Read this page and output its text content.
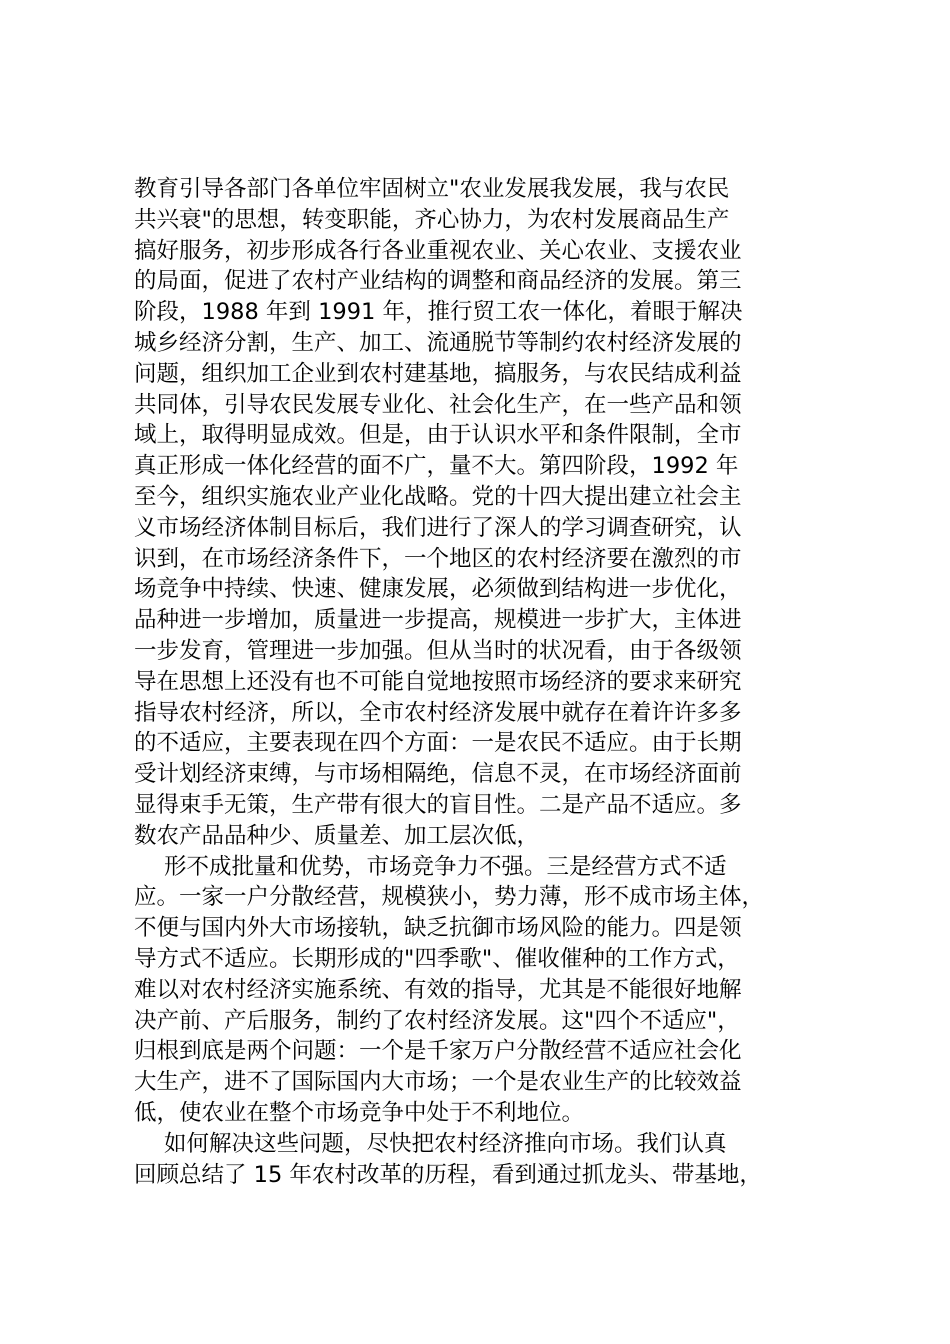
教育引导各部门各单位牢固树立"农业发展我发展，我与农民
共兴衰"的思想，转变职能，齐心协力，为农村发展商品生产
搞好服务，初步形成各行各业重视农业、关心农业、支援农业
的局面，促进了农村产业结构的调整和商品经济的发展。第三
阶段，1988 年到 1991 年，推行贸工农一体化，着眼于解决
城乡经济分割，生产、加工、流通脱节等制约农村经济发展的
问题，组织加工企业到农村建基地，搞服务，与农民结成利益
共同体，引导农民发展专业化、社会化生产，在一些产品和领
域上，取得明显成效。但是，由于认识水平和条件限制，全市
真正形成一体化经营的面不广，量不大。第四阶段，1992 年
至今，组织实施农业产业化战略。党的十四大提出建立社会主
义市场经济体制目标后，我们进行了深人的学习调查研究，认
识到，在市场经济条件下，一个地区的农村经济要在激烈的市
场竞争中持续、快速、健康发展，必须做到结构进一步优化，
品种进一步增加，质量进一步提高，规模进一步扩大，主体进
一步发育，管理进一步加强。但从当时的状况看，由于各级领
导在思想上还没有也不可能自觉地按照市场经济的要求来研究
指导农村经济，所以，全市农村经济发展中就存在着许许多多
的不适应，主要表现在四个方面：一是农民不适应。由于长期
受计划经济束缚，与市场相隔绝，信息不灵，在市场经济面前
显得束手无策，生产带有很大的盲目性。二是产品不适应。多
数农产品品种少、质量差、加工层次低，
形不成批量和优势，市场竞争力不强。三是经营方式不适
应。一家一户分散经营，规模狭小，势力薄，形不成市场主体，
不便与国内外大市场接轨，缺乏抗御市场风险的能力。四是领
导方式不适应。长期形成的"四季歌"、催收催种的工作方式，
难以对农村经济实施系统、有效的指导，尤其是不能很好地解
决产前、产后服务，制约了农村经济发展。这"四个不适应"，
归根到底是两个问题：一个是千家万户分散经营不适应社会化
大生产，进不了国际国内大市场；一个是农业生产的比较效益
低，使农业在整个市场竞争中处于不利地位。
如何解决这些问题，尽快把农村经济推向市场。我们认真
回顾总结了 15 年农村改革的历程，看到通过抓龙头、带基地，
